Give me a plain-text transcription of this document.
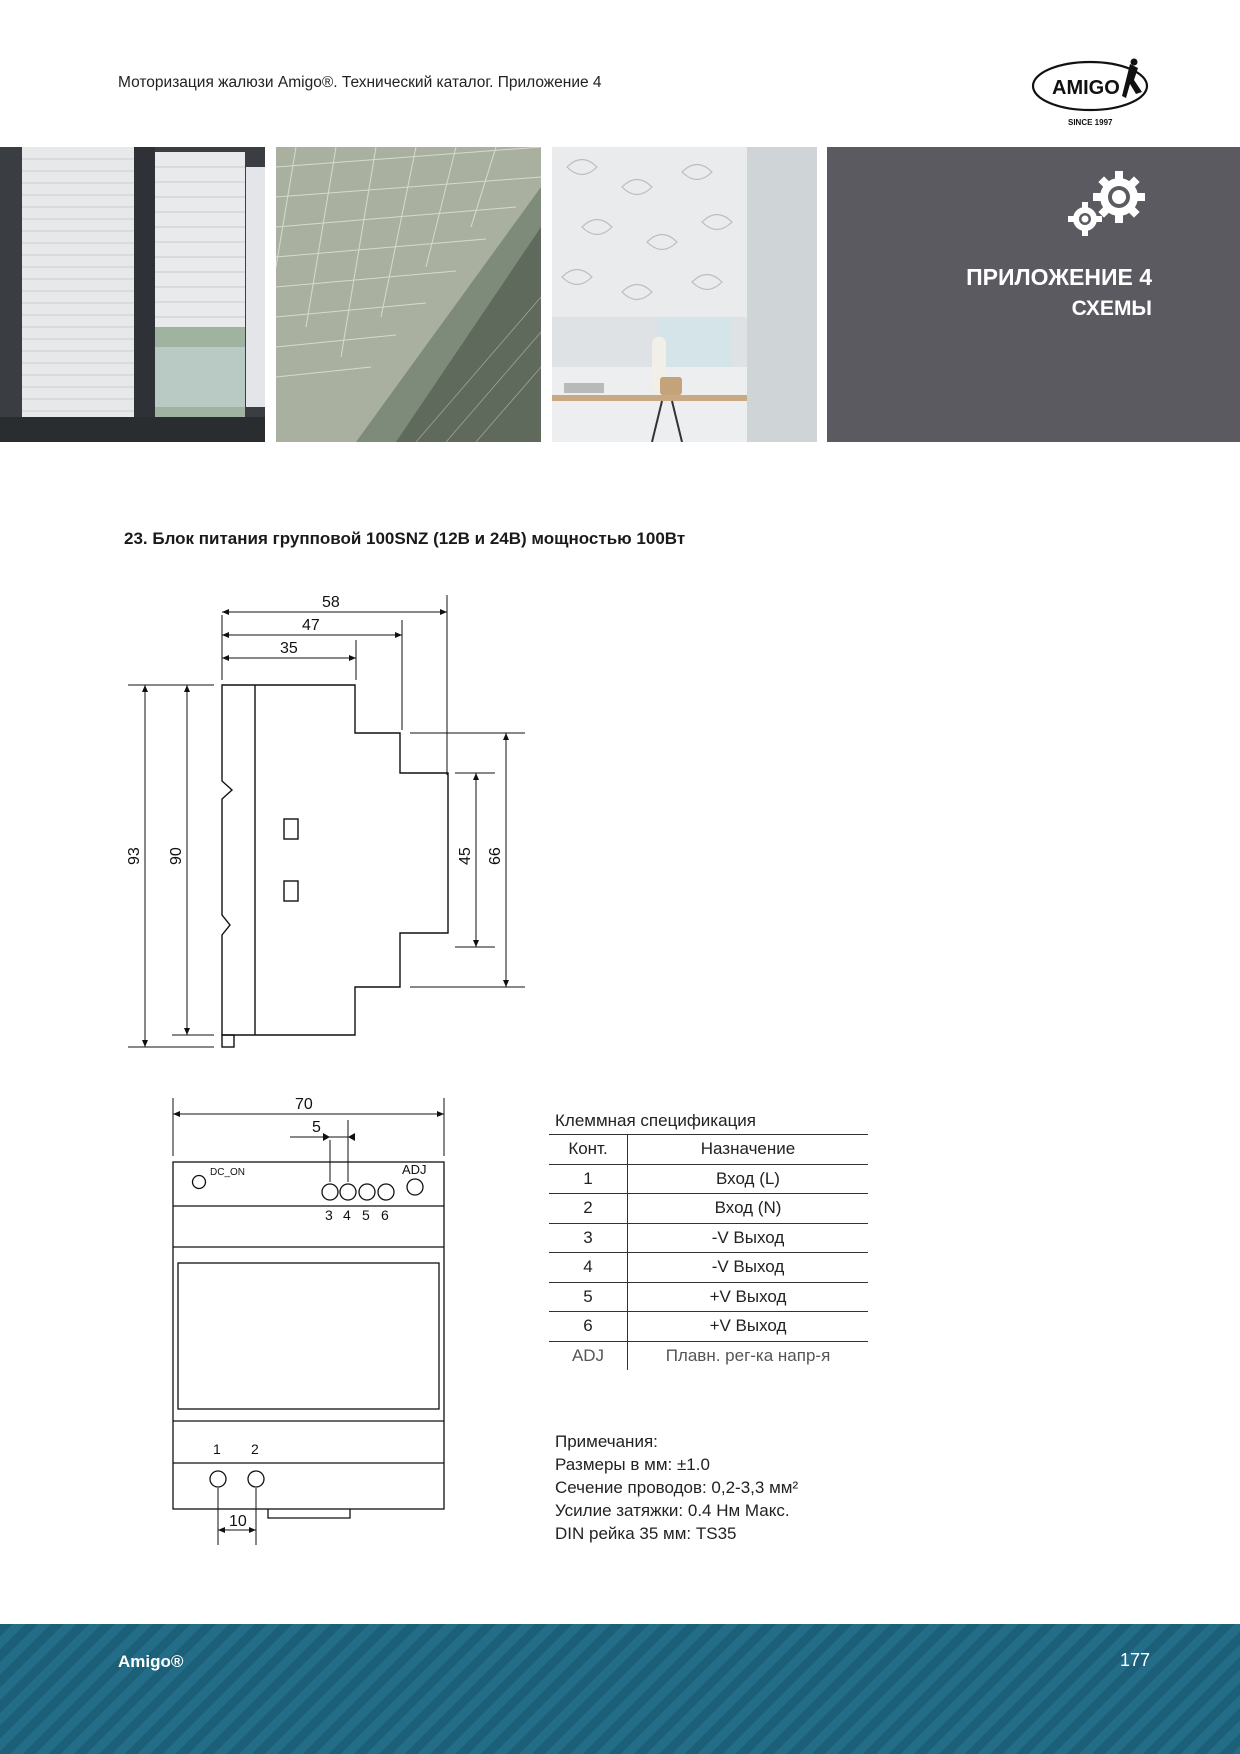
Моторизация жалюзи Amigo®. Технический каталог. Приложение 4	AMIGO
SINCE 1997
ПРИЛОЖЕНИЕ 4
СХЕМЫ
23. Блок питания групповой 100SNZ (12В и 24В) мощностью 100Вт
58
47
35
93 90	45 66
70
5
10
DC_ON	ADJ
3 4 5 6
1 2
Клеммная спецификация
Конт.	Назначение
1	Вход (L)
2	Вход (N)
3	-V Выход
4	-V Выход
5	+V Выход
6	+V Выход
ADJ	Плавн. рег-ка напр-я
Примечания:
Размеры в мм: ±1.0
Сечение проводов: 0,2-3,3 мм²
Усилие затяжки: 0.4 Нм Макс.
DIN рейка 35 мм: TS35
Amigo®	177
